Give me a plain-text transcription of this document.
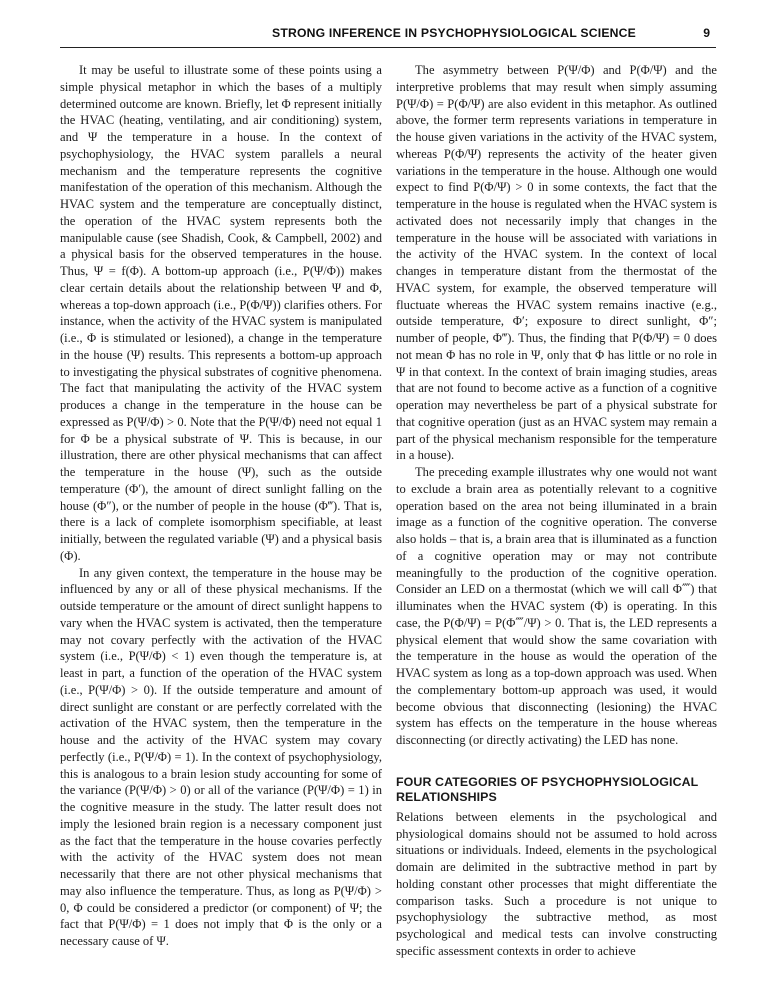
STRONG INFERENCE IN PSYCHOPHYSIOLOGICAL SCIENCE	9

It may be useful to illustrate some of these points using a simple physical metaphor in which the bases of a multiply determined outcome are known. Briefly, let Φ represent initially the HVAC (heating, ventilating, and air conditioning) system, and Ψ the temperature in a house. In the context of psychophysiology, the HVAC system parallels a neural mechanism and the temperature represents the cognitive manifestation of the operation of this mechanism. Although the HVAC system and the temperature are conceptually distinct, the operation of the HVAC system represents both the manipulable cause (see Shadish, Cook, & Campbell, 2002) and a physical basis for the observed temperatures in the house. Thus, Ψ = f(Φ). A bottom-up approach (i.e., P(Ψ/Φ)) makes clear certain details about the relationship between Ψ and Φ, whereas a top-down approach (i.e., P(Φ/Ψ)) clarifies others. For instance, when the activity of the HVAC system is manipulated (i.e., Φ is stimulated or lesioned), a change in the temperature in the house (Ψ) results. This represents a bottom-up approach to investigating the physical substrates of cognitive phenomena. The fact that manipulating the activity of the HVAC system produces a change in the temperature in the house can be expressed as P(Ψ/Φ) > 0. Note that the P(Ψ/Φ) need not equal 1 for Φ be a physical substrate of Ψ. This is because, in our illustration, there are other physical mechanisms that can affect the temperature in the house (Ψ), such as the outside temperature (Φ′), the amount of direct sunlight falling on the house (Φ″), or the number of people in the house (Φ‴). That is, there is a lack of complete isomorphism specifiable, at least initially, between the regulated variable (Ψ) and a physical basis (Φ).

In any given context, the temperature in the house may be influenced by any or all of these physical mechanisms. If the outside temperature or the amount of direct sunlight happens to vary when the HVAC system is activated, then the temperature may not covary perfectly with the activation of the HVAC system (i.e., P(Ψ/Φ) < 1) even though the temperature is, at least in part, a function of the operation of the HVAC system (i.e., P(Ψ/Φ) > 0). If the outside temperature and amount of direct sunlight are constant or are perfectly correlated with the activation of the HVAC system, then the temperature in the house and the activity of the HVAC system may covary perfectly (i.e., P(Ψ/Φ) = 1). In the context of psychophysiology, this is analogous to a brain lesion study accounting for some of the variance (P(Ψ/Φ) > 0) or all of the variance (P(Ψ/Φ) = 1) in the cognitive measure in the study. The latter result does not imply the lesioned brain region is a necessary component just as the fact that the temperature in the house covaries perfectly with the activity of the HVAC system does not mean necessarily that there are not other physical mechanisms that may also influence the temperature. Thus, as long as P(Ψ/Φ) > 0, Φ could be considered a predictor (or component) of Ψ; the fact that P(Ψ/Φ) = 1 does not imply that Φ is the only or a necessary cause of Ψ.

The asymmetry between P(Ψ/Φ) and P(Φ/Ψ) and the interpretive problems that may result when simply assuming P(Ψ/Φ) = P(Φ/Ψ) are also evident in this metaphor. As outlined above, the former term represents variations in temperature in the house given variations in the activity of the HVAC system, whereas P(Φ/Ψ) represents the activity of the heater given variations in the temperature in the house. Although one would expect to find P(Φ/Ψ) > 0 in some contexts, the fact that the temperature in the house is regulated when the HVAC system is activated does not necessarily imply that changes in the temperature in the house will be associated with variations in the activity of the HVAC system. In the context of local changes in temperature distant from the thermostat of the HVAC system, for example, the observed temperature will fluctuate whereas the HVAC system remains inactive (e.g., outside temperature, Φ′; exposure to direct sunlight, Φ″; number of people, Φ‴). Thus, the finding that P(Φ/Ψ) = 0 does not mean Φ has no role in Ψ, only that Φ has little or no role in Ψ in that context. In the context of brain imaging studies, areas that are not found to become active as a function of a cognitive operation may nevertheless be part of a physical substrate for that cognitive operation (just as an HVAC system may remain a part of the physical mechanism responsible for the temperature in a house).

The preceding example illustrates why one would not want to exclude a brain area as potentially relevant to a cognitive operation based on the area not being illuminated in a brain image as a function of the cognitive operation. The converse also holds – that is, a brain area that is illuminated as a function of a cognitive operation may or may not contribute meaningfully to the production of the cognitive operation. Consider an LED on a thermostat (which we will call Φ⁗) that illuminates when the HVAC system (Φ) is operating. In this case, the P(Φ/Ψ) = P(Φ⁗/Ψ) > 0. That is, the LED represents a physical element that would show the same covariation with the temperature in the house as would the operation of the HVAC system as long as a top-down approach was used. When the complementary bottom-up approach was used, it would become obvious that disconnecting (lesioning) the HVAC system has effects on the temperature in the house whereas disconnecting (or directly activating) the LED has none.

FOUR CATEGORIES OF PSYCHOPHYSIOLOGICAL RELATIONSHIPS

Relations between elements in the psychological and physiological domains should not be assumed to hold across situations or individuals. Indeed, elements in the psychological domain are delimited in the subtractive method in part by holding constant other processes that might differentiate the comparison tasks. Such a procedure is not unique to psychophysiology the subtractive method, as most psychological and medical tests can involve constructing specific assessment contexts in order to achieve
